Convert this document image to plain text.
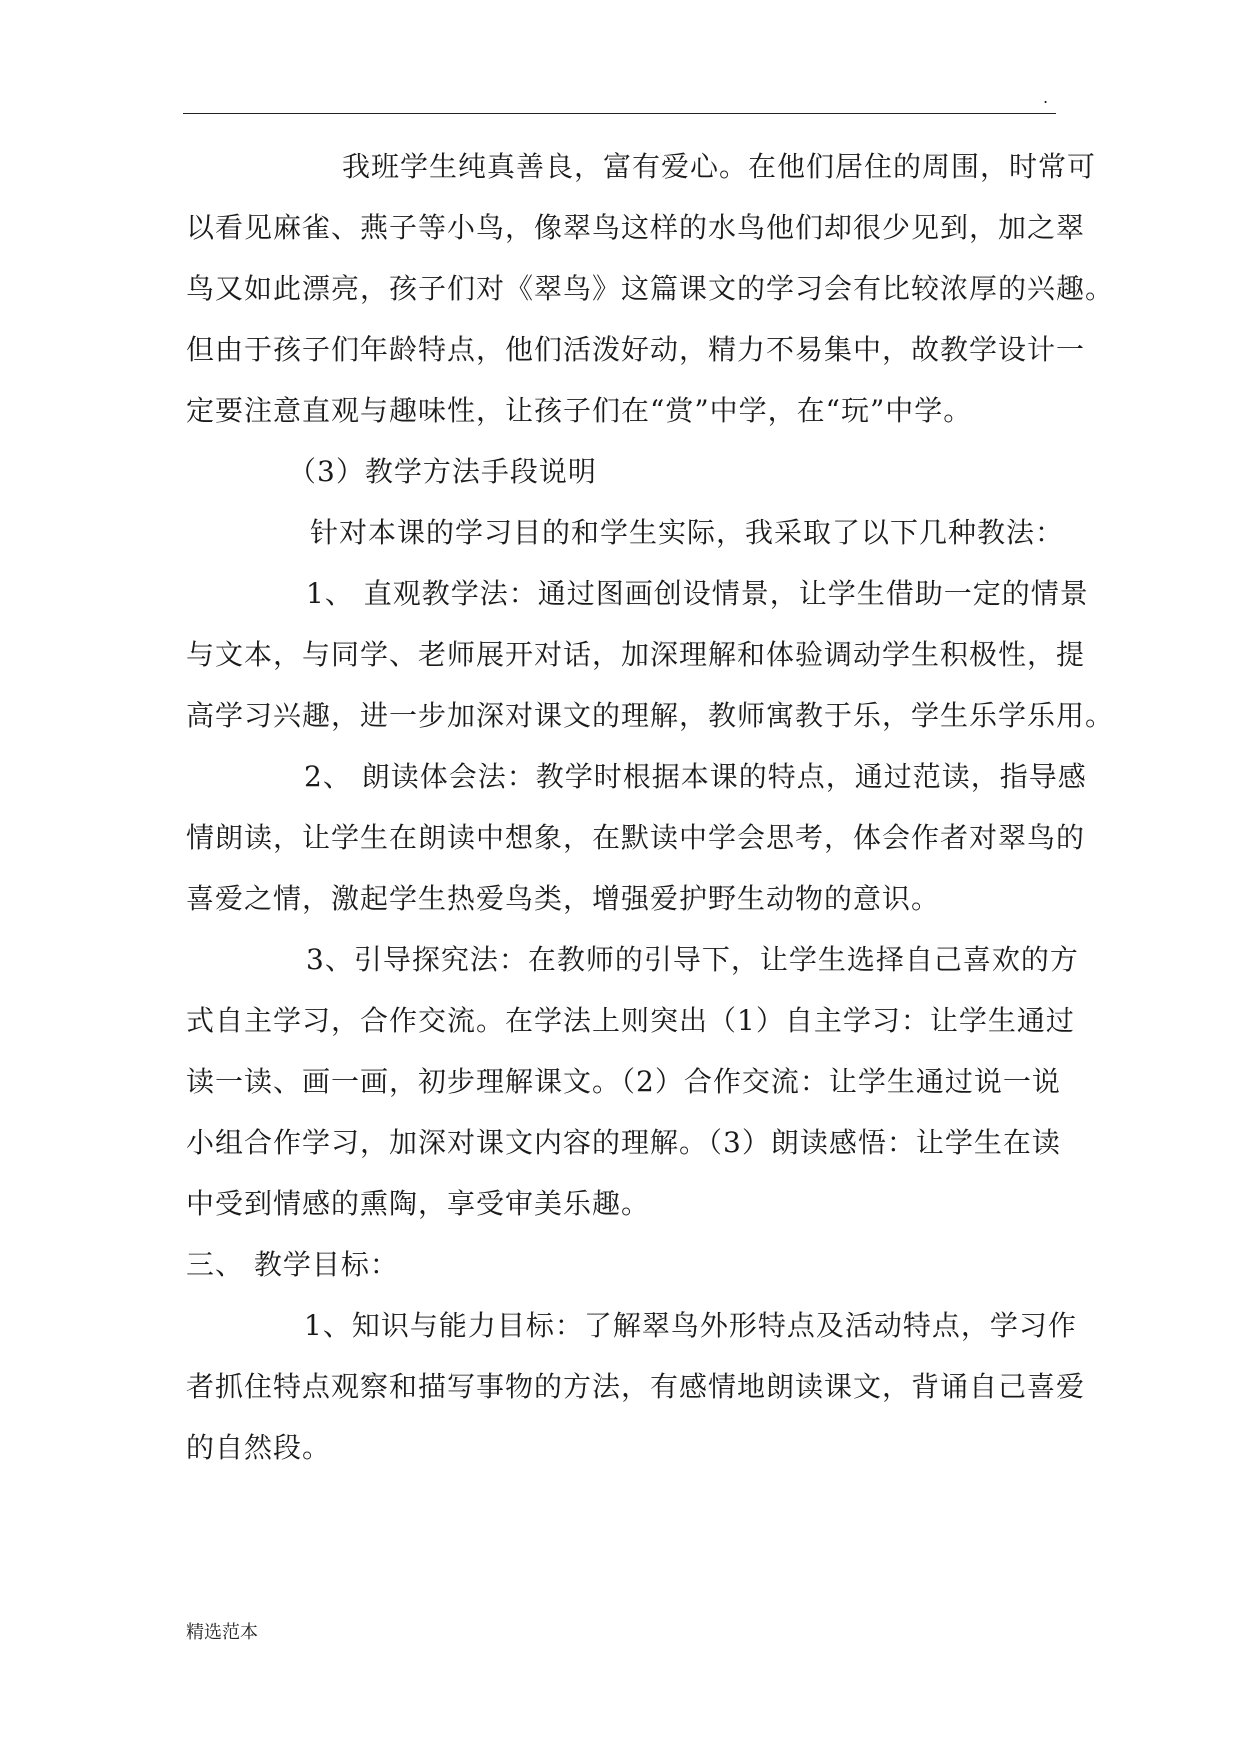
.
我班学生纯真善良，富有爱心。在他们居住的周围，时常可
以看见麻雀、燕子等小鸟，像翠鸟这样的水鸟他们却很少见到，加之翠
鸟又如此漂亮，孩子们对《翠鸟》这篇课文的学习会有比较浓厚的兴趣。
但由于孩子们年龄特点，他们活泼好动，精力不易集中，故教学设计一
定要注意直观与趣味性，让孩子们在“赏”中学，在“玩”中学。
（3）教学方法手段说明
针对本课的学习目的和学生实际，我采取了以下几种教法：
1、 直观教学法：通过图画创设情景，让学生借助一定的情景
与文本，与同学、老师展开对话，加深理解和体验调动学生积极性，提
高学习兴趣，进一步加深对课文的理解，教师寓教于乐，学生乐学乐用。
2、 朗读体会法：教学时根据本课的特点，通过范读，指导感
情朗读，让学生在朗读中想象，在默读中学会思考，体会作者对翠鸟的
喜爱之情，激起学生热爱鸟类，增强爱护野生动物的意识。
3、引导探究法：在教师的引导下，让学生选择自己喜欢的方
式自主学习，合作交流。在学法上则突出（1）自主学习：让学生通过
读一读、画一画，初步理解课文。（2）合作交流：让学生通过说一说
小组合作学习，加深对课文内容的理解。（3）朗读感悟：让学生在读
中受到情感的熏陶，享受审美乐趣。
三、 教学目标：
1、知识与能力目标：了解翠鸟外形特点及活动特点，学习作
者抓住特点观察和描写事物的方法，有感情地朗读课文，背诵自己喜爱
的自然段。
精选范本
